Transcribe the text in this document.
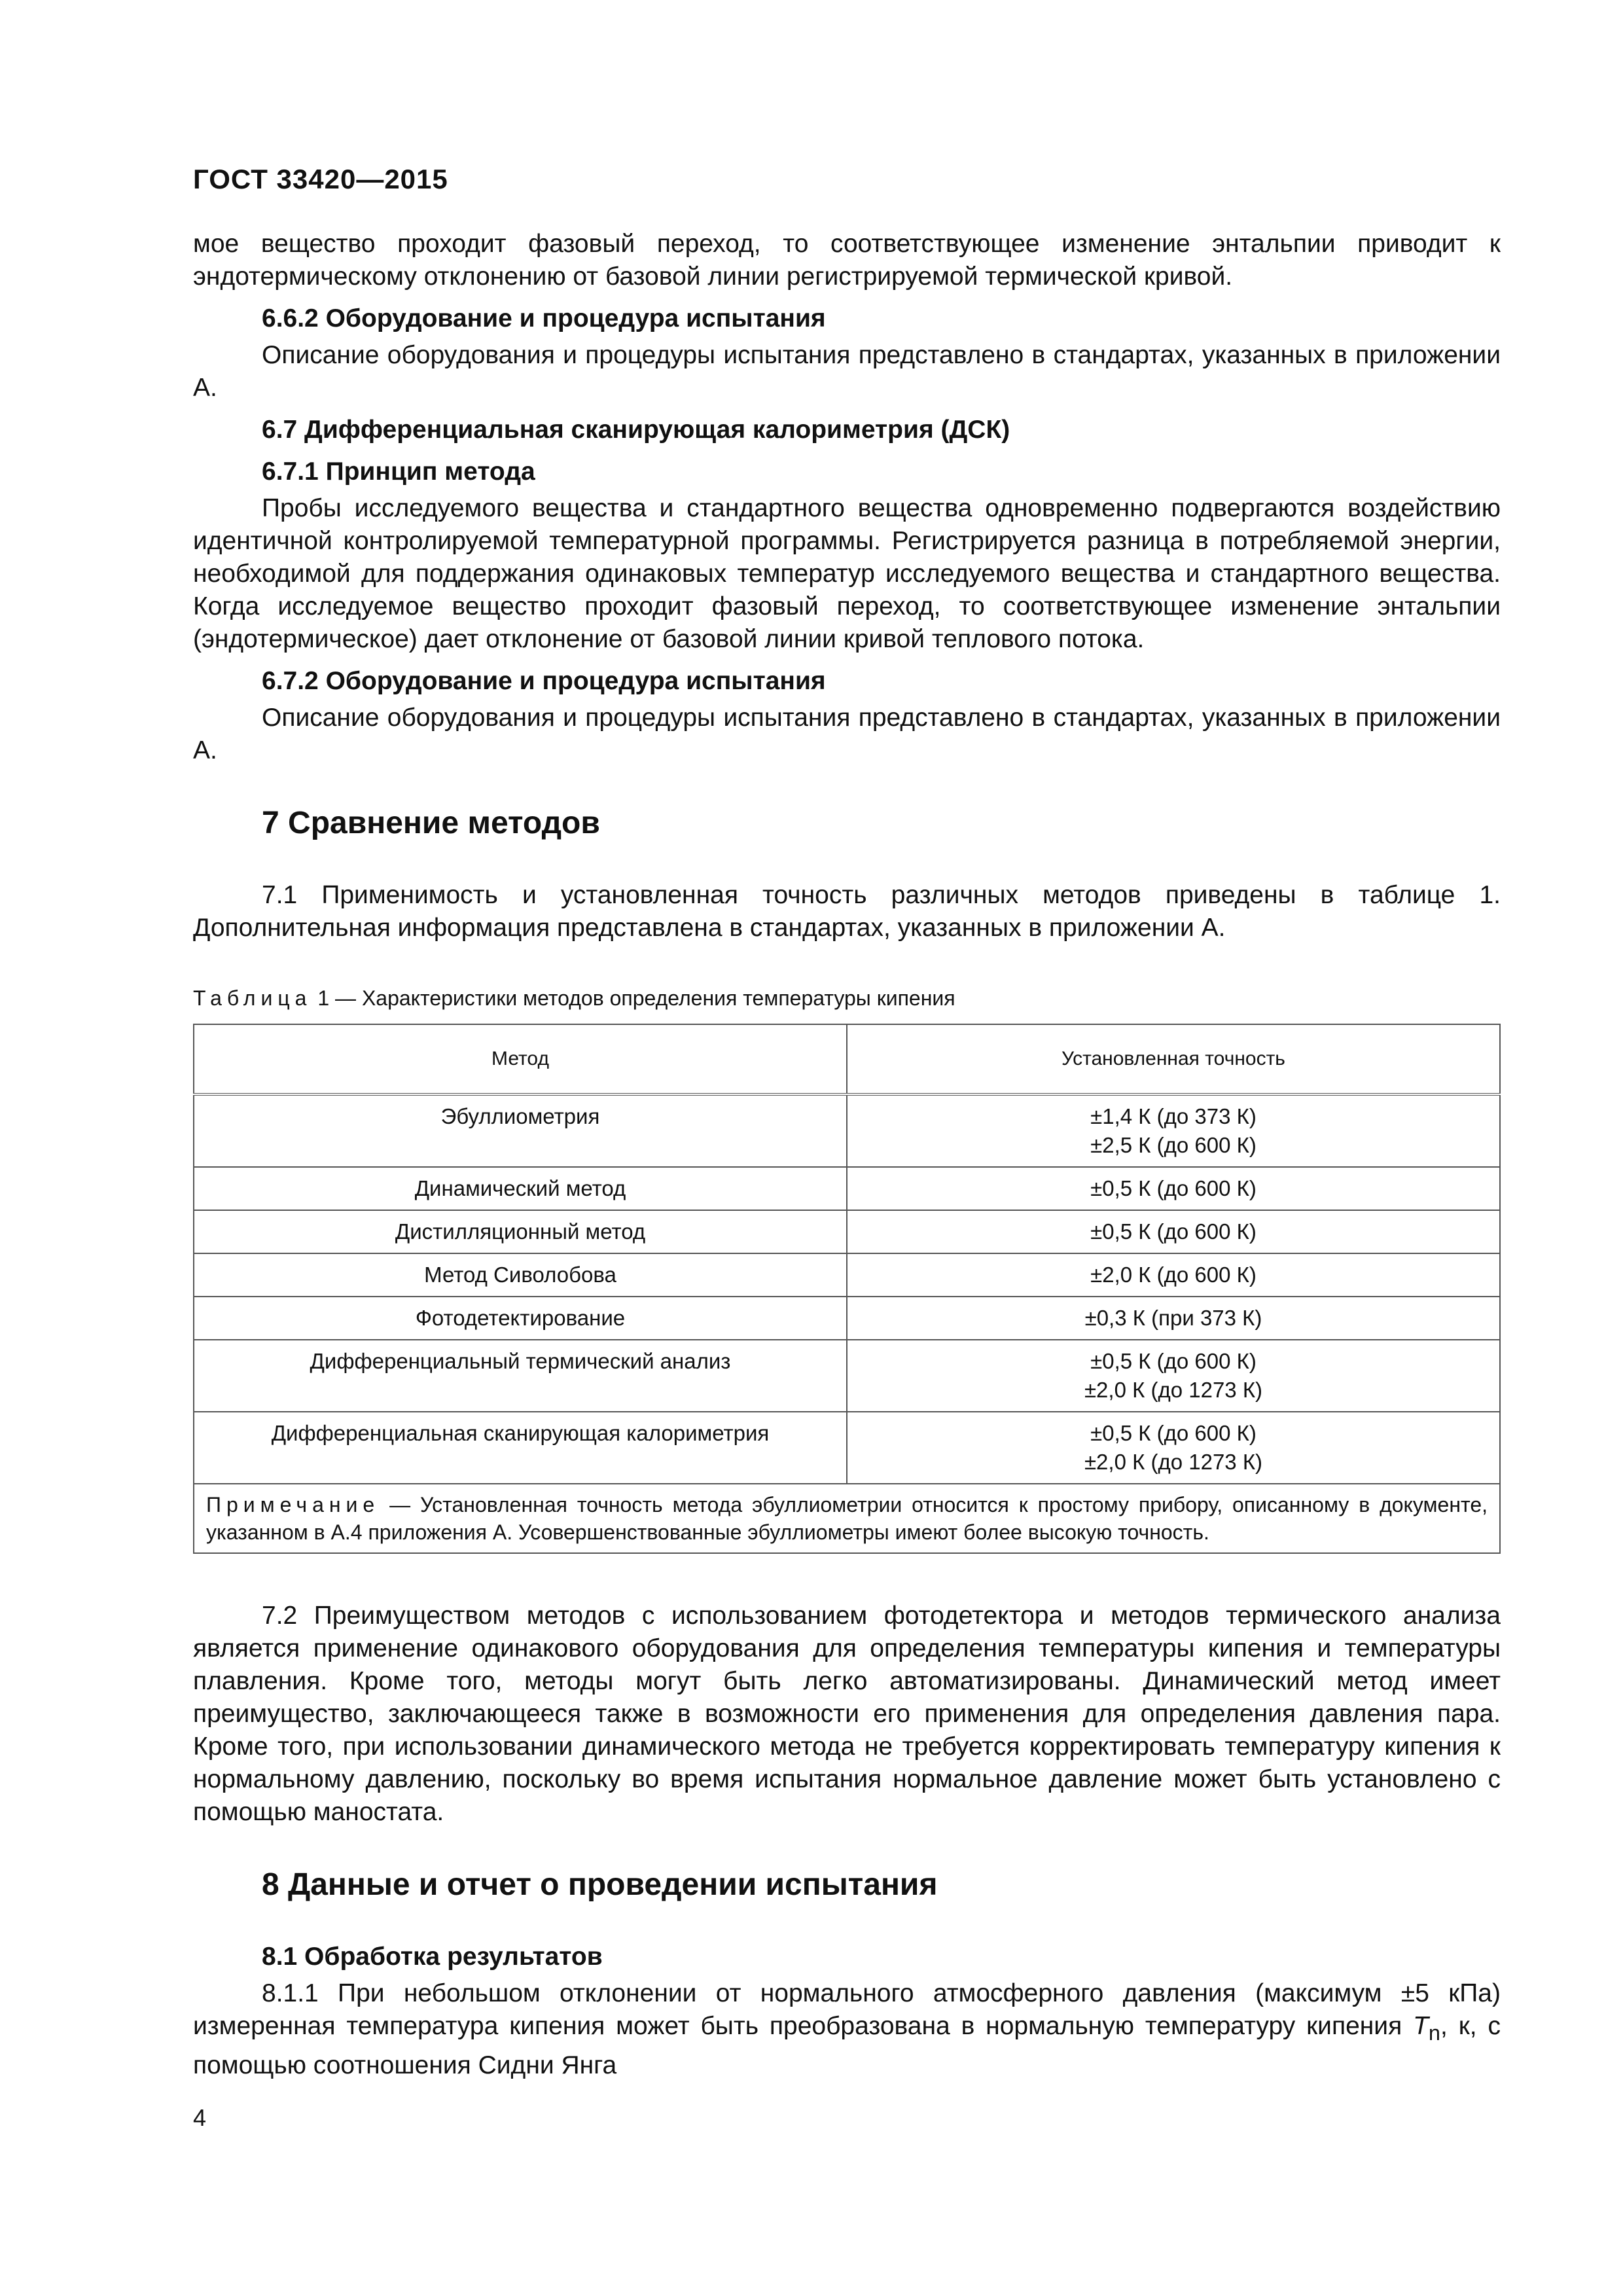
ГОСТ 33420—2015

мое вещество проходит фазовый переход, то соответствующее изменение энтальпии приводит к эндотермическому отклонению от базовой линии регистрируемой термической кривой.

6.6.2 Оборудование и процедура испытания

Описание оборудования и процедуры испытания представлено в стандартах, указанных в приложении А.

6.7 Дифференциальная сканирующая калориметрия (ДСК)
6.7.1 Принцип метода

Пробы исследуемого вещества и стандартного вещества одновременно подвергаются воздействию идентичной контролируемой температурной программы. Регистрируется разница в потребляемой энергии, необходимой для поддержания одинаковых температур исследуемого вещества и стандартного вещества. Когда исследуемое вещество проходит фазовый переход, то соответствующее изменение энтальпии (эндотермическое) дает отклонение от базовой линии кривой теплового потока.

6.7.2 Оборудование и процедура испытания

Описание оборудования и процедуры испытания представлено в стандартах, указанных в приложении А.

7 Сравнение методов

7.1 Применимость и установленная точность различных методов приведены в таблице 1. Дополнительная информация представлена в стандартах, указанных в приложении А.

Таблица 1 — Характеристики методов определения температуры кипения
Метод	Установленная точность
Эбуллиометрия	±1,4 К (до 373 К)
±2,5 К (до 600 К)

Динамический метод	±0,5 К (до 600 К)

Дистилляционный метод	±0,5 К (до 600 К)

Метод Сиволобова	±2,0 К (до 600 К)

Фотодетектирование	±0,3 К (при 373 К)

Дифференциальный термический анализ	±0,5 К (до 600 К)
±2,0 К (до 1273 К)

Дифференциальная сканирующая калориметрия	±0,5 К (до 600 К)
±2,0 К (до 1273 К)

Примечание — Установленная точность метода эбуллиометрии относится к простому прибору, описанному в документе, указанном в А.4 приложения А. Усовершенствованные эбуллиометры имеют более высокую точность.	

7.2 Преимуществом методов с использованием фотодетектора и методов термического анализа является применение одинакового оборудования для определения температуры кипения и температуры плавления. Кроме того, методы могут быть легко автоматизированы. Динамический метод имеет преимущество, заключающееся также в возможности его применения для определения давления пара. Кроме того, при использовании динамического метода не требуется корректировать температуру кипения к нормальному давлению, поскольку во время испытания нормальное давление может быть установлено с помощью маностата.

8 Данные и отчет о проведении испытания
8.1 Обработка результатов

8.1.1 При небольшом отклонении от нормального атмосферного давления (максимум ±5 кПа) измеренная температура кипения может быть преобразована в нормальную температуру кипения $T_n$, к, с помощью соотношения Сидни Янга

4
